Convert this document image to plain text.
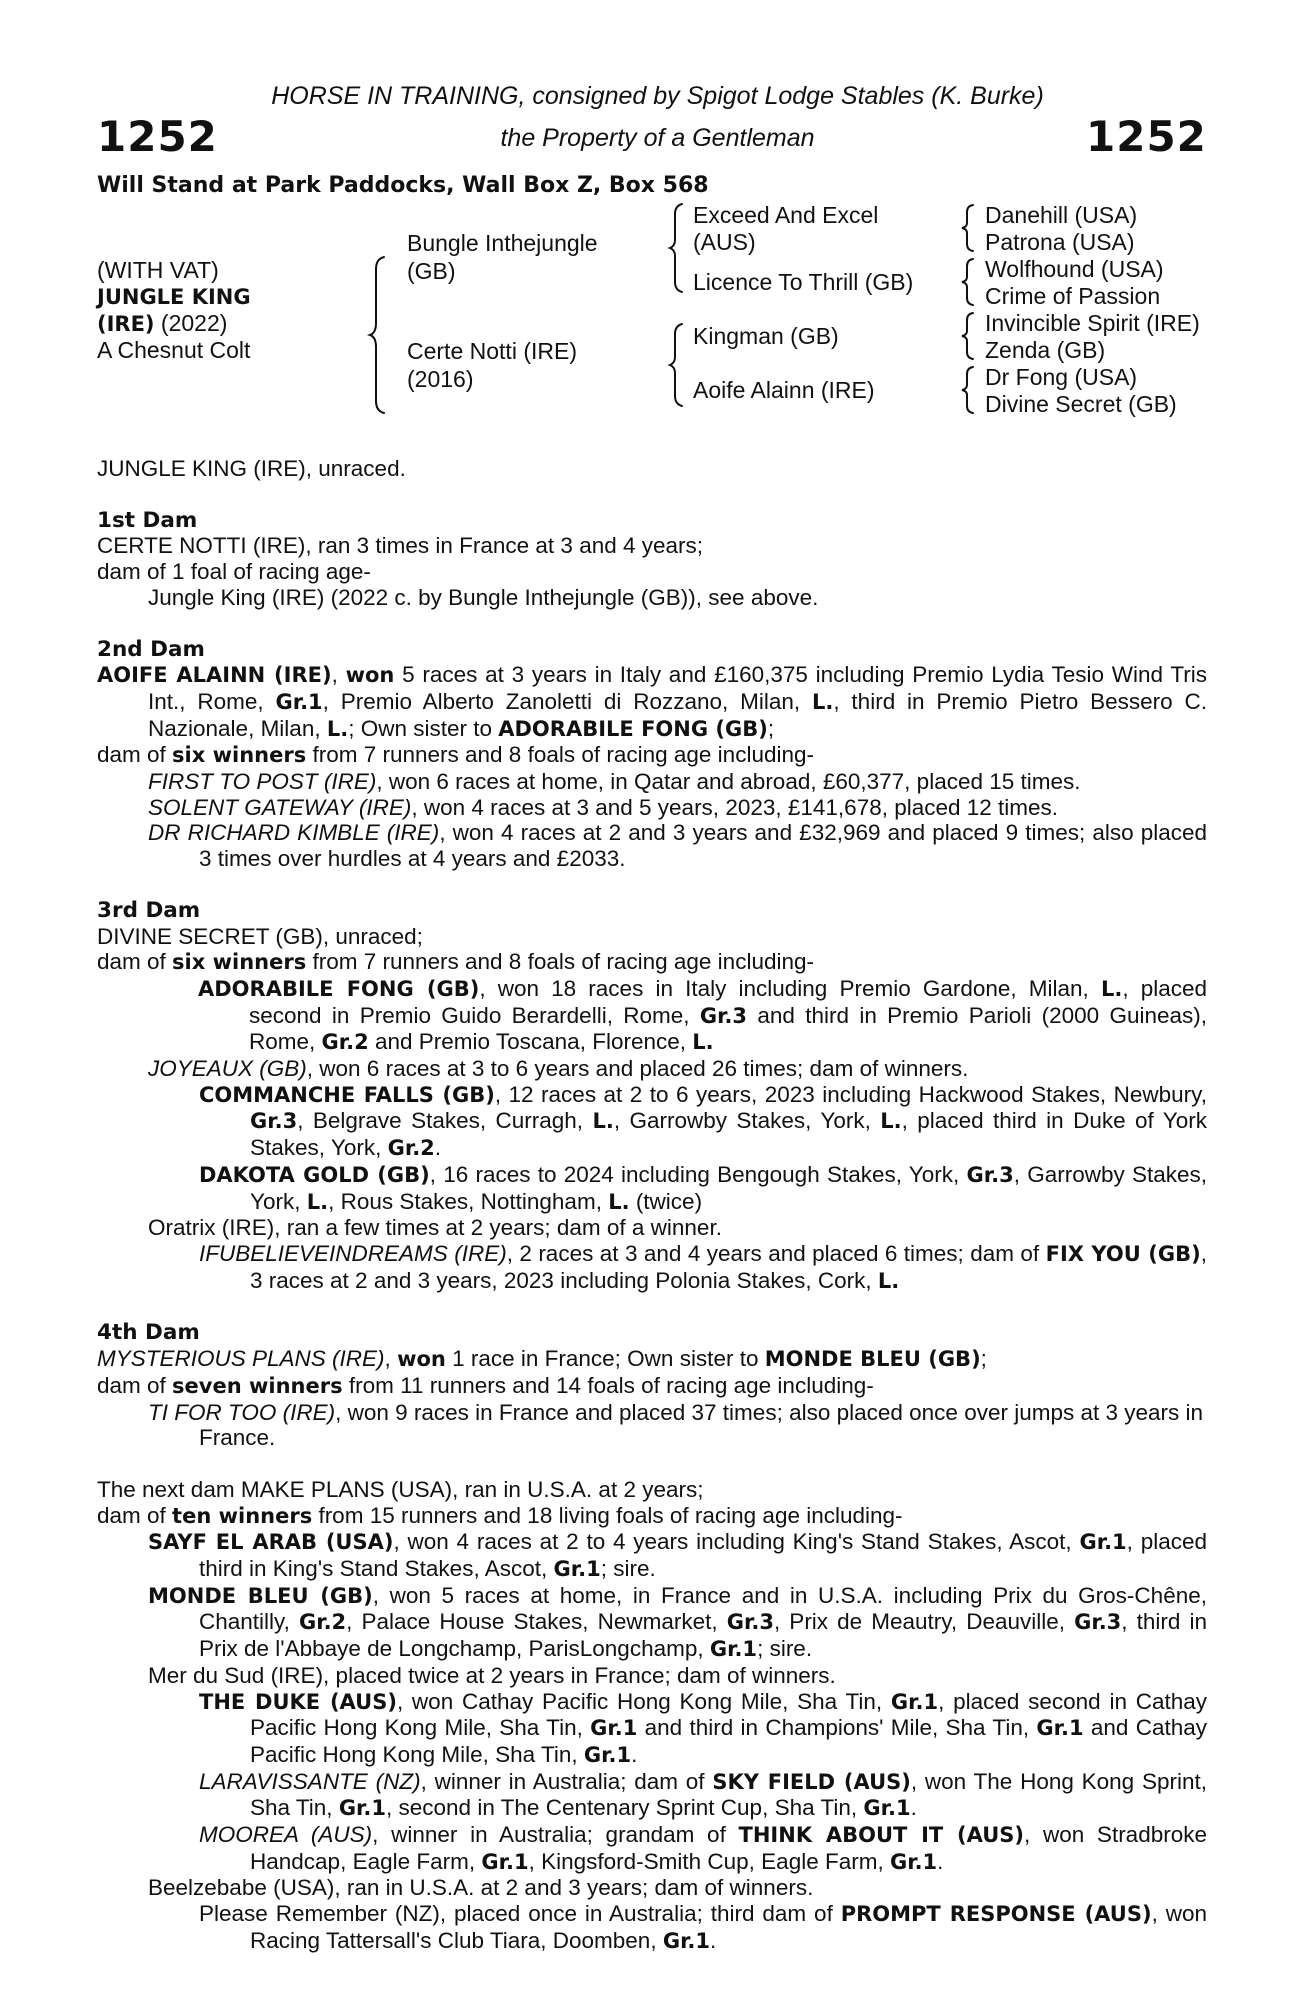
HORSE IN TRAINING, consigned by Spigot Lodge Stables (K. Burke)
1252	the Property of a Gentleman	1252
Will Stand at Park Paddocks, Wall Box Z, Box 568
(WITH VAT)
JUNGLE KING
(IRE) (2022)
A Chesnut Colt
Bungle Inthejungle
(GB)
Certe Notti (IRE)
(2016)
Exceed And Excel
(AUS)
Licence To Thrill (GB)
Kingman (GB)
Aoife Alainn (IRE)
Danehill (USA)
Patrona (USA)
Wolfhound (USA)
Crime of Passion
Invincible Spirit (IRE)
Zenda (GB)
Dr Fong (USA)
Divine Secret (GB)

JUNGLE KING (IRE), unraced.

1st Dam

CERTE NOTTI (IRE), ran 3 times in France at 3 and 4 years;

dam of 1 foal of racing age-

Jungle King (IRE) (2022 c. by Bungle Inthejungle (GB)), see above.

2nd Dam

AOIFE ALAINN (IRE), won 5 races at 3 years in Italy and £160,375 including Premio Lydia Tesio Wind Tris Int., Rome, Gr.1, Premio Alberto Zanoletti di Rozzano, Milan, L., third in Premio Pietro Bessero C. Nazionale, Milan, L.; Own sister to ADORABILE FONG (GB);

dam of six winners from 7 runners and 8 foals of racing age including-

FIRST TO POST (IRE), won 6 races at home, in Qatar and abroad, £60,377, placed 15 times.

SOLENT GATEWAY (IRE), won 4 races at 3 and 5 years, 2023, £141,678, placed 12 times.

DR RICHARD KIMBLE (IRE), won 4 races at 2 and 3 years and £32,969 and placed 9 times; also placed 3 times over hurdles at 4 years and £2033.

3rd Dam

DIVINE SECRET (GB), unraced;

dam of six winners from 7 runners and 8 foals of racing age including-

ADORABILE FONG (GB), won 18 races in Italy including Premio Gardone, Milan, L., placed second in Premio Guido Berardelli, Rome, Gr.3 and third in Premio Parioli (2000 Guineas), Rome, Gr.2 and Premio Toscana, Florence, L.

JOYEAUX (GB), won 6 races at 3 to 6 years and placed 26 times; dam of winners.

COMMANCHE FALLS (GB), 12 races at 2 to 6 years, 2023 including Hackwood Stakes, Newbury, Gr.3, Belgrave Stakes, Curragh, L., Garrowby Stakes, York, L., placed third in Duke of York Stakes, York, Gr.2.

DAKOTA GOLD (GB), 16 races to 2024 including Bengough Stakes, York, Gr.3, Garrowby Stakes, York, L., Rous Stakes, Nottingham, L. (twice)

Oratrix (IRE), ran a few times at 2 years; dam of a winner.

IFUBELIEVEINDREAMS (IRE), 2 races at 3 and 4 years and placed 6 times; dam of FIX YOU (GB), 3 races at 2 and 3 years, 2023 including Polonia Stakes, Cork, L.

4th Dam

MYSTERIOUS PLANS (IRE), won 1 race in France; Own sister to MONDE BLEU (GB);

dam of seven winners from 11 runners and 14 foals of racing age including-

TI FOR TOO (IRE), won 9 races in France and placed 37 times; also placed once over jumps at 3 years in France.

The next dam MAKE PLANS (USA), ran in U.S.A. at 2 years;

dam of ten winners from 15 runners and 18 living foals of racing age including-

SAYF EL ARAB (USA), won 4 races at 2 to 4 years including King's Stand Stakes, Ascot, Gr.1, placed third in King's Stand Stakes, Ascot, Gr.1; sire.

MONDE BLEU (GB), won 5 races at home, in France and in U.S.A. including Prix du Gros-Chêne, Chantilly, Gr.2, Palace House Stakes, Newmarket, Gr.3, Prix de Meautry, Deauville, Gr.3, third in Prix de l'Abbaye de Longchamp, ParisLongchamp, Gr.1; sire.

Mer du Sud (IRE), placed twice at 2 years in France; dam of winners.

THE DUKE (AUS), won Cathay Pacific Hong Kong Mile, Sha Tin, Gr.1, placed second in Cathay Pacific Hong Kong Mile, Sha Tin, Gr.1 and third in Champions' Mile, Sha Tin, Gr.1 and Cathay Pacific Hong Kong Mile, Sha Tin, Gr.1.

LARAVISSANTE (NZ), winner in Australia; dam of SKY FIELD (AUS), won The Hong Kong Sprint, Sha Tin, Gr.1, second in The Centenary Sprint Cup, Sha Tin, Gr.1.

MOOREA (AUS), winner in Australia; grandam of THINK ABOUT IT (AUS), won Stradbroke Handcap, Eagle Farm, Gr.1, Kingsford-Smith Cup, Eagle Farm, Gr.1.

Beelzebabe (USA), ran in U.S.A. at 2 and 3 years; dam of winners.

Please Remember (NZ), placed once in Australia; third dam of PROMPT RESPONSE (AUS), won Racing Tattersall's Club Tiara, Doomben, Gr.1.
